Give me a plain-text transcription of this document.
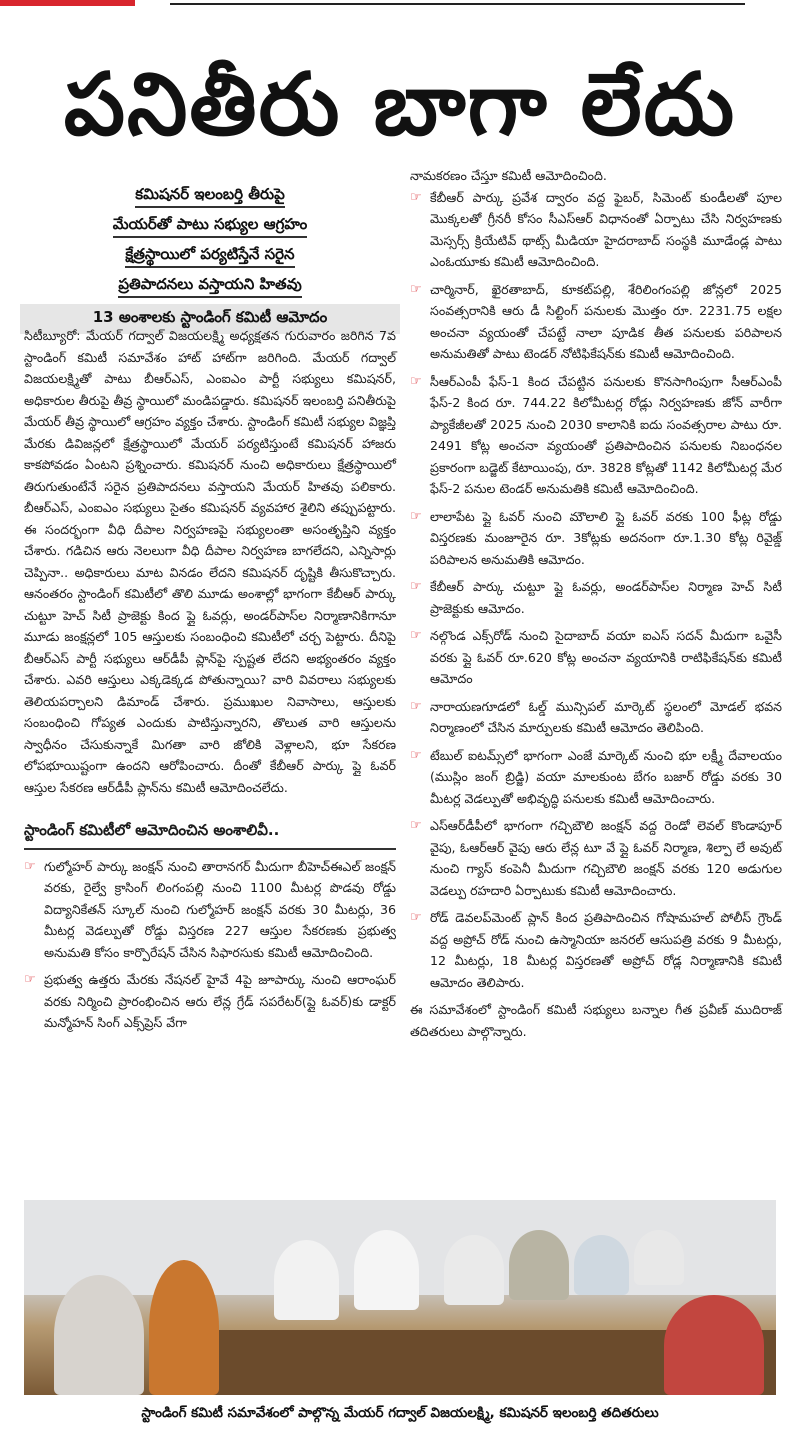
పనితీరు బాగా లేదు
కమిషనర్ ఇలంబర్తి తీరుపై
మేయర్‌తో పాటు సభ్యుల ఆగ్రహం
క్షేత్రస్థాయిలో పర్యటిస్తేనే సరైన
ప్రతిపాదనలు వస్తాయని హితవు
13 అంశాలకు స్టాండింగ్ కమిటీ ఆమోదం

సిటీబ్యూరో: మేయర్ గద్వాల్ విజయలక్ష్మి అధ్యక్షతన గురువారం జరిగిన 7వ స్టాండింగ్ కమిటీ సమావేశం హాట్ హాట్‌గా జరిగింది. మేయర్ గద్వాల్ విజయలక్ష్మితో పాటు బీఆర్ఎస్, ఎంఐఎం పార్టీ సభ్యులు కమిషనర్, అధికారుల తీరుపై తీవ్ర స్థాయిలో మండిపడ్డారు. కమిషనర్ ఇలంబర్తి పనితీరుపై మేయర్ తీవ్ర స్థాయిలో ఆగ్రహం వ్యక్తం చేశారు. స్టాండింగ్ కమిటీ సభ్యుల విజ్ఞప్తి మేరకు డివిజన్లలో క్షేత్రస్థాయిలో మేయర్ పర్యటిస్తుంటే కమిషనర్ హాజరు కాకపోవడం ఏంటని ప్రశ్నించారు. కమిషనర్ నుంచి అధికారులు క్షేత్రస్థాయిలో తిరుగుతుంటేనే సరైన ప్రతిపాదనలు వస్తాయని మేయర్ హితవు పలికారు. బీఆర్ఎస్, ఎంఐఎం సభ్యులు సైతం కమిషనర్ వ్యవహార శైలిని తప్పుపట్టారు. ఈ సందర్భంగా వీధి దీపాల నిర్వహణపై సభ్యులంతా అసంతృప్తిని వ్యక్తం చేశారు. గడిచిన ఆరు నెలలుగా వీధి దీపాల నిర్వహణ బాగలేదని, ఎన్నిసార్లు చెప్పినా.. అధికారులు మాట వినడం లేదని కమిషనర్ దృష్టికి తీసుకొచ్చారు. ఆనంతరం స్టాండింగ్ కమిటీలో తొలి మూడు అంశాల్లో భాగంగా కేబీఆర్ పార్కు చుట్టూ హెచ్ సిటీ ప్రాజెక్టు కింద ప్లై ఓవర్లు, అండర్‌పాస్‌ల నిర్మాణానికిగానూ మూడు జంక్షన్లలో 105 ఆస్తులకు సంబంధించి కమిటీలో చర్చ పెట్టారు. దీనిపై బీఆర్ఎస్ పార్టీ సభ్యులు ఆర్‌డీపీ ప్లాన్‌పై స్పష్టత లేదని అభ్యంతరం వ్యక్తం చేశారు. ఎవరి ఆస్తులు ఎక్కడెక్కడ పోతున్నాయి? వారి వివరాలు సభ్యులకు తెలియపర్చాలని డిమాండ్ చేశారు. ప్రముఖుల నివాసాలు, ఆస్తులకు సంబంధించి గోప్యత ఎందుకు పాటిస్తున్నారని, తొలుత వారి ఆస్తులను స్వాధీనం చేసుకున్నాకే మిగతా వారి జోలికి వెళ్లాలని, భూ సేకరణ లోపభూయిష్టంగా ఉందని ఆరోపించారు. దీంతో కేబీఆర్ పార్కు ప్లై ఓవర్ ఆస్తుల సేకరణ ఆర్‌డీపీ ప్లాన్‌ను కమిటీ ఆమోదించలేదు.

స్టాండింగ్ కమిటీలో ఆమోదించిన అంశాలివీ..
☞ గుల్మోహర్ పార్కు జంక్షన్ నుంచి తారానగర్ మీదుగా బీహెచ్ఈఎల్ జంక్షన్ వరకు, రైల్వే క్రాసింగ్ లింగంపల్లి నుంచి 1100 మీటర్ల పొడవు రోడ్డు విద్యానికేతన్ స్కూల్ నుంచి గుల్మోహర్ జంక్షన్ వరకు 30 మీటర్లు, 36 మీటర్ల వెడల్పుతో రోడ్డు విస్తరణ 227 ఆస్తుల సేకరణకు ప్రభుత్వ అనుమతి కోసం కార్పొరేషన్ చేసిన సిఫారసుకు కమిటీ ఆమోదించింది.
☞ ప్రభుత్వ ఉత్తరు మేరకు నేషనల్ హైవే 4పై జూపార్కు నుంచి ఆరాంఘర్ వరకు నిర్మించి ప్రారంభించిన ఆరు లేన్ల గ్రేడ్ సపరేటర్(ప్లై ఓవర్)కు డాక్టర్ మన్మోహన్ సింగ్ ఎక్స్‌ప్రెస్ వేగా

నామకరణం చేస్తూ కమిటీ ఆమోదించింది.

☞ కేబీఆర్ పార్కు ప్రవేశ ద్వారం వద్ద ఫైబర్, సిమెంట్ కుండీలతో పూల మొక్కలతో గ్రీనరీ కోసం సీఎస్ఆర్ విధానంతో ఏర్పాటు చేసి నిర్వహణకు మెస్సర్స్ క్రియేటివ్ థాట్స్ మీడియా హైదరాబాద్ సంస్థకి మూడేండ్ల పాటు ఎంఓయూకు కమిటీ ఆమోదించింది.
☞ చార్మినార్, ఖైరతాబాద్, కూకట్‌పల్లి, శేరిలింగంపల్లి జోన్లలో 2025 సంవత్సరానికి ఆరు డీ సిల్టింగ్ పనులకు మొత్తం రూ. 2231.75 లక్షల అంచనా వ్యయంతో చేపట్టే నాలా పూడిక తీత పనులకు పరిపాలన అనుమతితో పాటు టెండర్ నోటిఫికేషన్‌కు కమిటీ ఆమోదించింది.
☞ సీఆర్ఎంపీ ఫేస్-1 కింద చేపట్టిన పనులకు కొనసాగింపుగా సీఆర్ఎంపీ ఫేస్-2 కింద రూ. 744.22 కిలోమీటర్ల రోడ్లు నిర్వహణకు జోన్ వారీగా ప్యాకేజీలతో 2025 నుంచి 2030 కాలానికి ఐదు సంవత్సరాల పాటు రూ. 2491 కోట్ల అంచనా వ్యయంతో ప్రతిపాదించిన పనులకు నిబంధనల ప్రకారంగా బడ్జెట్ కేటాయింపు, రూ. 3828 కోట్లతో 1142 కిలోమీటర్ల మేర ఫేస్-2 పనుల టెండర్ అనుమతికి కమిటీ ఆమోదించింది.
☞ లాలాపేట ప్లై ఓవర్ నుంచి మౌలాలి ప్లై ఓవర్ వరకు 100 ఫీట్ల రోడ్డు విస్తరణకు మంజూరైన రూ. 3కోట్లకు అదనంగా రూ.1.30 కోట్ల రివైజ్డ్ పరిపాలన అనుమతికి ఆమోదం.
☞ కేబీఆర్ పార్కు చుట్టూ ప్లై ఓవర్లు, అండర్‌పాస్‌ల నిర్మాణ హెచ్ సిటీ ప్రాజెక్టుకు ఆమోదం.
☞ నల్గొండ ఎక్స్‌రోడ్ నుంచి సైదాబాద్ వయా ఐఎస్ సదన్ మీదుగా ఒవైసీ వరకు ప్లై ఓవర్ రూ.620 కోట్ల అంచనా వ్యయానికి రాటిఫికేషన్‌కు కమిటీ ఆమోదం
☞ నారాయణగూడలో ఓల్డ్ మున్సిపల్ మార్కెట్ స్థలంలో మోడల్ భవన నిర్మాణంలో చేసిన మార్పులకు కమిటీ ఆమోదం తెలిపింది.
☞ టేబుల్ ఐటమ్స్‌లో భాగంగా ఎంజే మార్కెట్ నుంచి భూ లక్ష్మీ దేవాలయం (ముస్లిం జంగ్ బ్రిడ్జి) వయా మాలకుంట బేగం బజార్ రోడ్డు వరకు 30 మీటర్ల వెడల్పుతో అభివృద్ధి పనులకు కమిటీ ఆమోదించారు.
☞ ఎస్ఆర్‌డీపీలో భాగంగా గచ్చిబౌలి జంక్షన్ వద్ద రెండో లెవల్ కొండాపూర్ వైపు, ఓఆర్ఆర్ వైపు ఆరు లేన్ల టూ వే ప్లై ఓవర్ నిర్మాణ, శిల్పా లే అవుట్ నుంచి గ్యాస్ కంపెనీ మీదుగా గచ్చిబౌలి జంక్షన్ వరకు 120 అడుగుల వెడల్పు రహదారి ఏర్పాటుకు కమిటీ ఆమోదించారు.
☞ రోడ్ డెవలప్‌మెంట్ ప్లాన్ కింద ప్రతిపాదించిన గోషామహల్ పోలీస్ గ్రౌండ్ వద్ద అప్రోచ్ రోడ్ నుంచి ఉస్మానియా జనరల్ ఆసుపత్రి వరకు 9 మీటర్లు, 12 మీటర్లు, 18 మీటర్ల విస్తరణతో అప్రోచ్ రోడ్ల నిర్మాణానికి కమిటీ ఆమోదం తెలిపారు.

ఈ సమావేశంలో స్టాండింగ్ కమిటీ సభ్యులు బన్నాల గీత ప్రవీణ్ ముదిరాజ్ తదితరులు పాల్గొన్నారు.

స్టాండింగ్ కమిటీ సమావేశంలో పాల్గొన్న మేయర్ గద్వాల్ విజయలక్ష్మి, కమిషనర్ ఇలంబర్తి తదితరులు
